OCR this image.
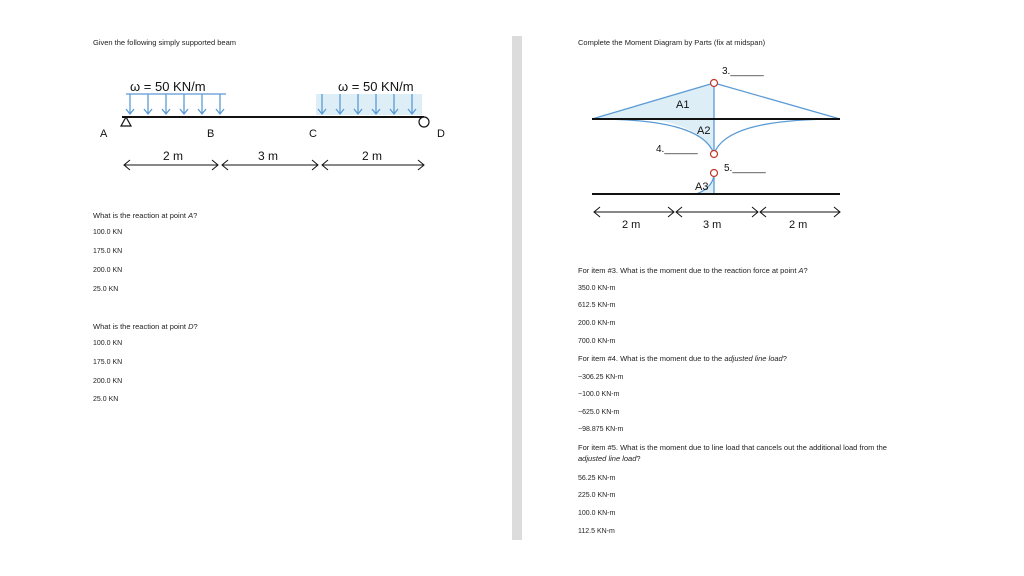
Given the following simply supported beam
ω = 50 KN/m	ω = 50 KN/m
A	B	C	D
2 m	3 m	2 m
What is the reaction at point A?
100.0 KN
175.0 KN
200.0 KN
25.0 KN
What is the reaction at point D?
100.0 KN
175.0 KN
200.0 KN
25.0 KN
Complete the Moment Diagram by Parts (fix at midspan)
3.______
4.______
5.______
A1
A2
A3
2 m	3 m	2 m
For item #3. What is the moment due to the reaction force at point A?
350.0 KN-m
612.5 KN-m
200.0 KN-m
700.0 KN-m
For item #4. What is the moment due to the adjusted line load?
−306.25 KN-m
−100.0 KN-m
−625.0 KN-m
−98.875 KN-m
For item #5. What is the moment due to line load that cancels out the additional load from the
adjusted line load?
56.25 KN-m
225.0 KN-m
100.0 KN-m
112.5 KN-m
